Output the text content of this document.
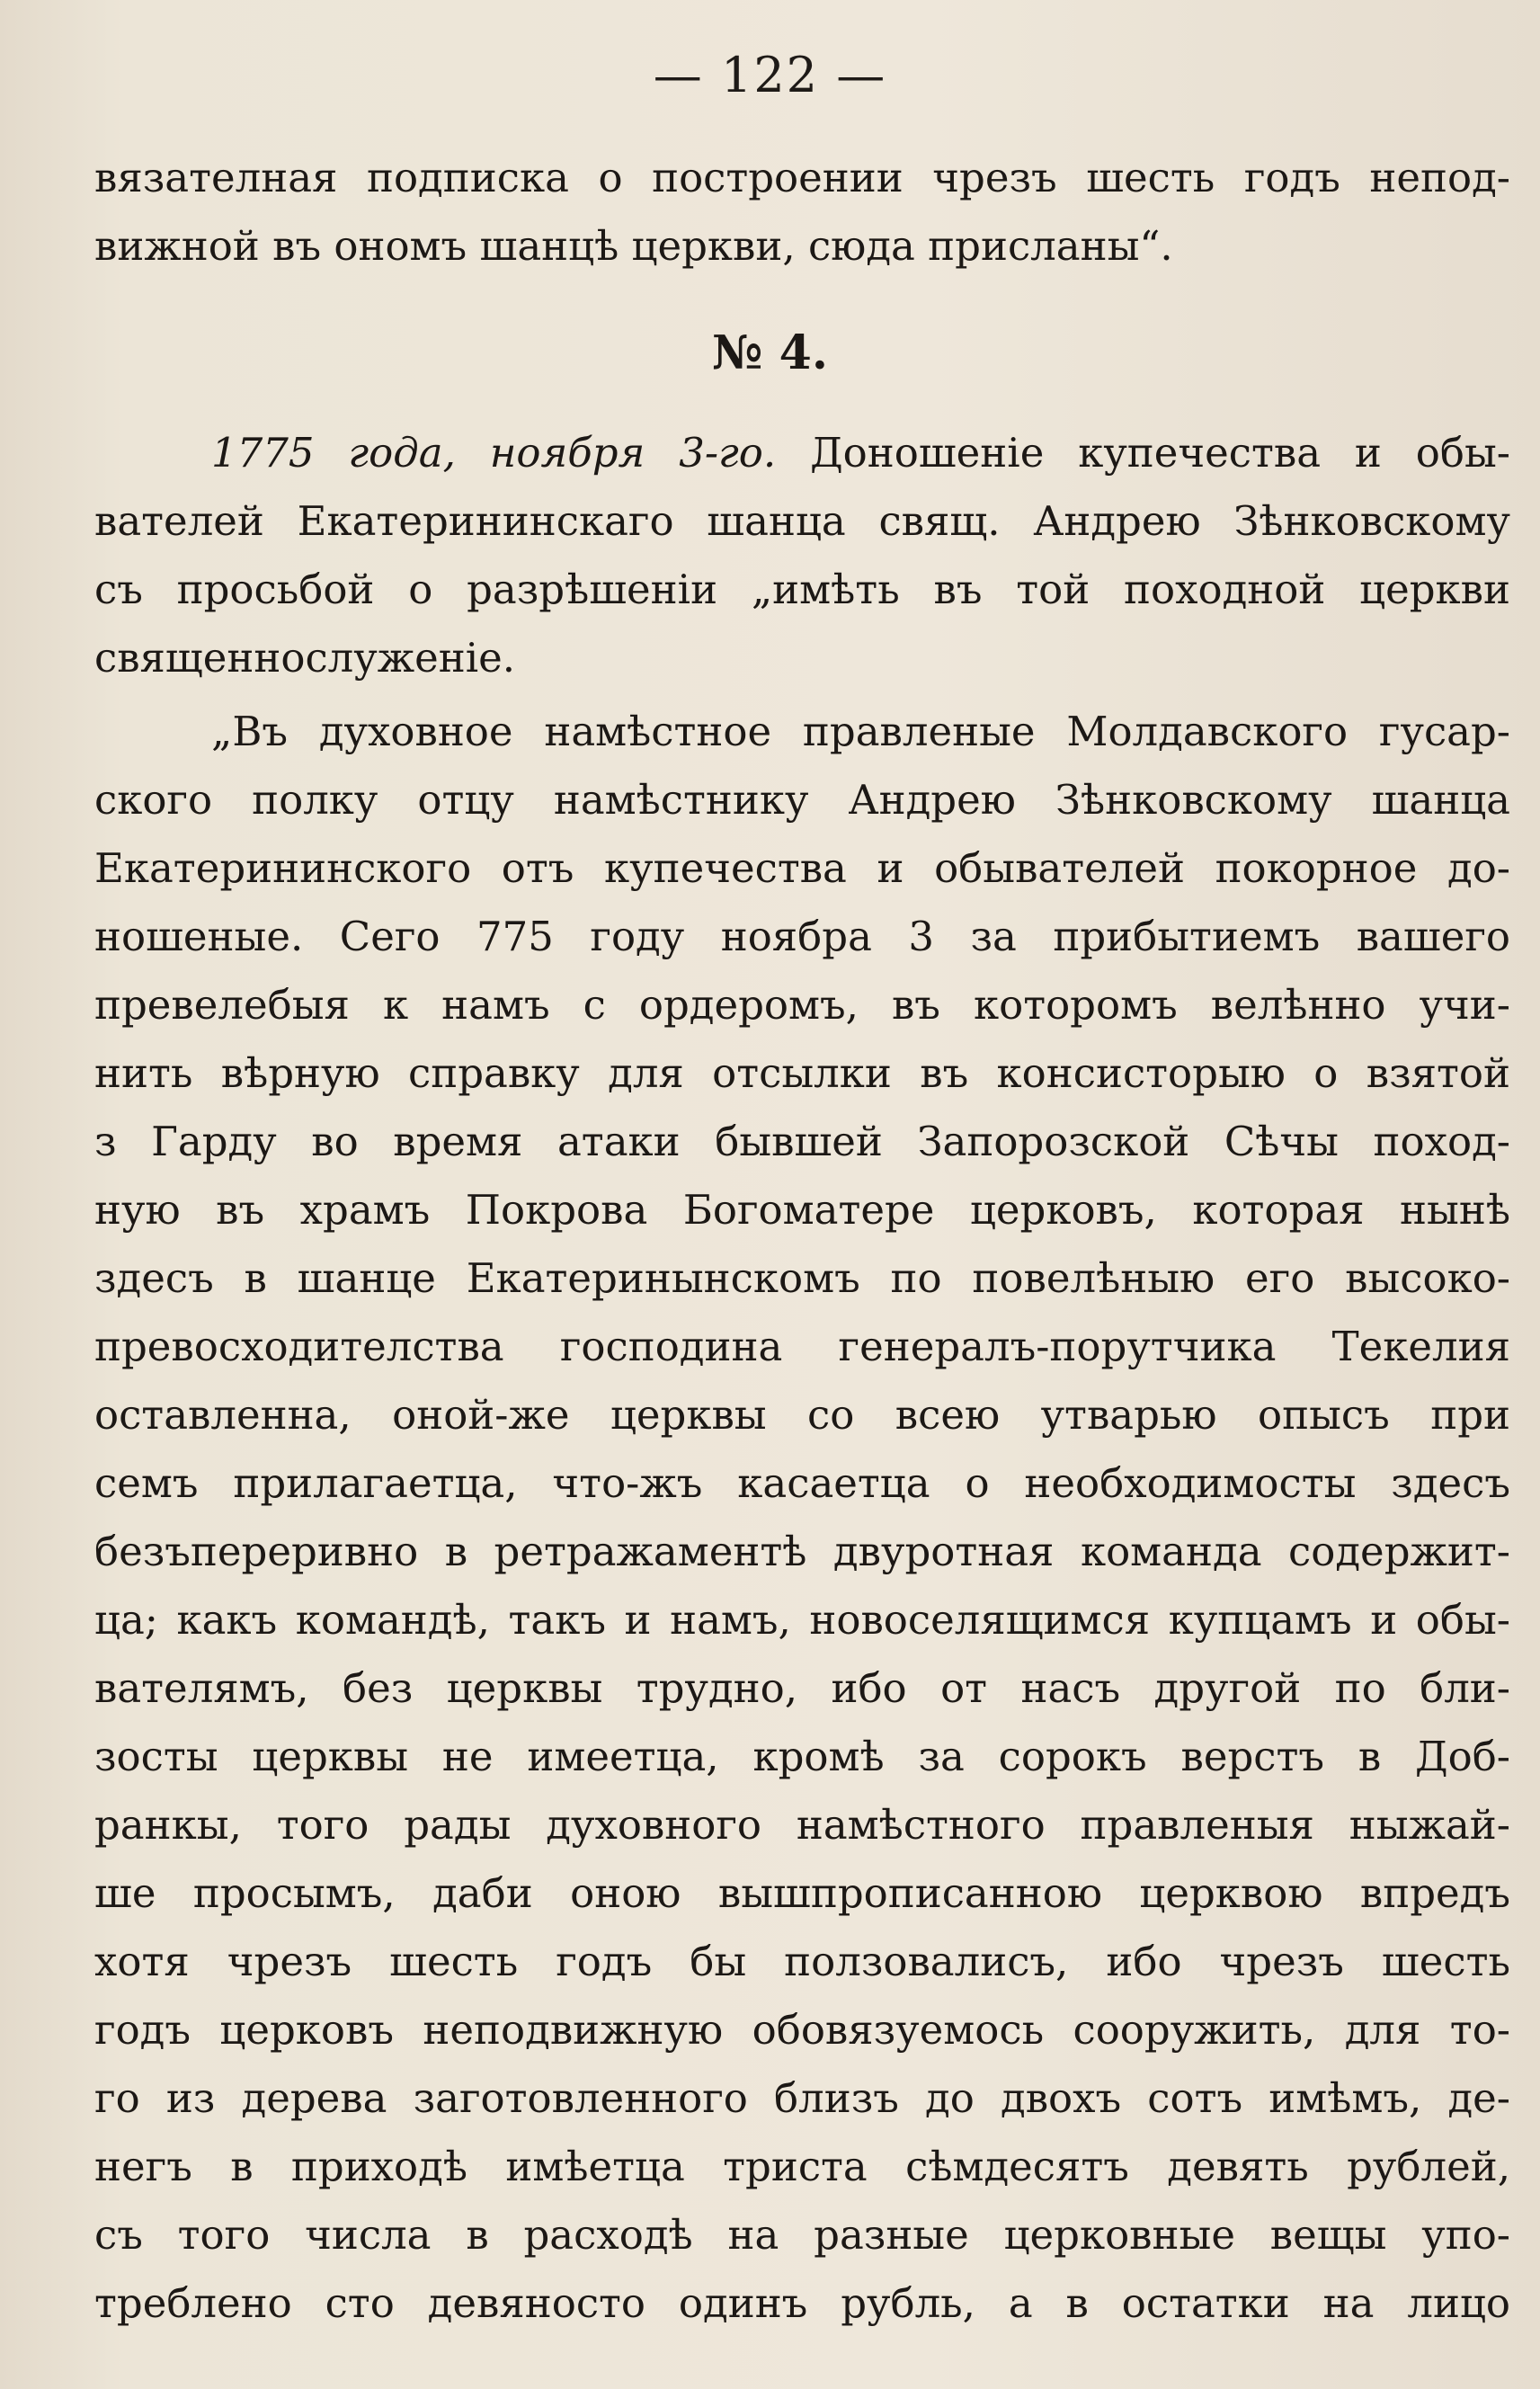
— 122 —
вязателная подписка о построении чрезъ шесть годъ непод-
вижной въ ономъ шанцѣ церкви, сюда присланы“.
№ 4.
1775 года, ноября 3-го. Доношеніе купечества и обы-
вателей Екатерининскаго шанца свящ. Андрею Зѣнковскому
съ просьбой о разрѣшеніи „имѣть въ той походной церкви
священнослуженіе.
„Въ духовное намѣстное правленые Молдавского гусар-
ского полку отцу намѣстнику Андрею Зѣнковскому шанца
Екатерининского отъ купечества и обывателей покорное до-
ношеные. Сего 775 году ноябра 3 за прибытиемъ вашего
превелебыя к намъ с ордеромъ, въ которомъ велѣнно учи-
нить вѣрную справку для отсылки въ консисторыю о взятой
з Гарду во время атаки бывшей Запорозской Сѣчы поход-
ную въ храмъ Покрова Богоматере церковъ, которая нынѣ
здесъ в шанце Екатеринынскомъ по повелѣныю его высоко-
превосходителства господина генералъ-порутчика Текелия
оставленна, оной-же церквы со всею утварью опысъ при
семъ прилагаетца, что-жъ касаетца о необходимосты здесъ
безъпереривно в ретражаментѣ двуротная команда содержит-
ца; какъ командѣ, такъ и намъ, новоселящимся купцамъ и обы-
вателямъ, без церквы трудно, ибо от насъ другой по бли-
зосты церквы не имеетца, кромѣ за сорокъ верстъ в Доб-
ранкы, того рады духовного намѣстного правленыя ныжай-
ше просымъ, даби оною вышпрописанною церквою впредъ
хотя чрезъ шесть годъ бы ползовалисъ, ибо чрезъ шесть
годъ церковъ неподвижную обовязуемось сооружить, для то-
го из дерева заготовленного близъ до двохъ сотъ имѣмъ, де-
негъ в приходѣ имѣетца триста сѣмдесятъ девять рублей,
съ того числа в расходѣ на разные церковные вещы упо-
треблено сто девяносто одинъ рубль, а в остатки на лицо
